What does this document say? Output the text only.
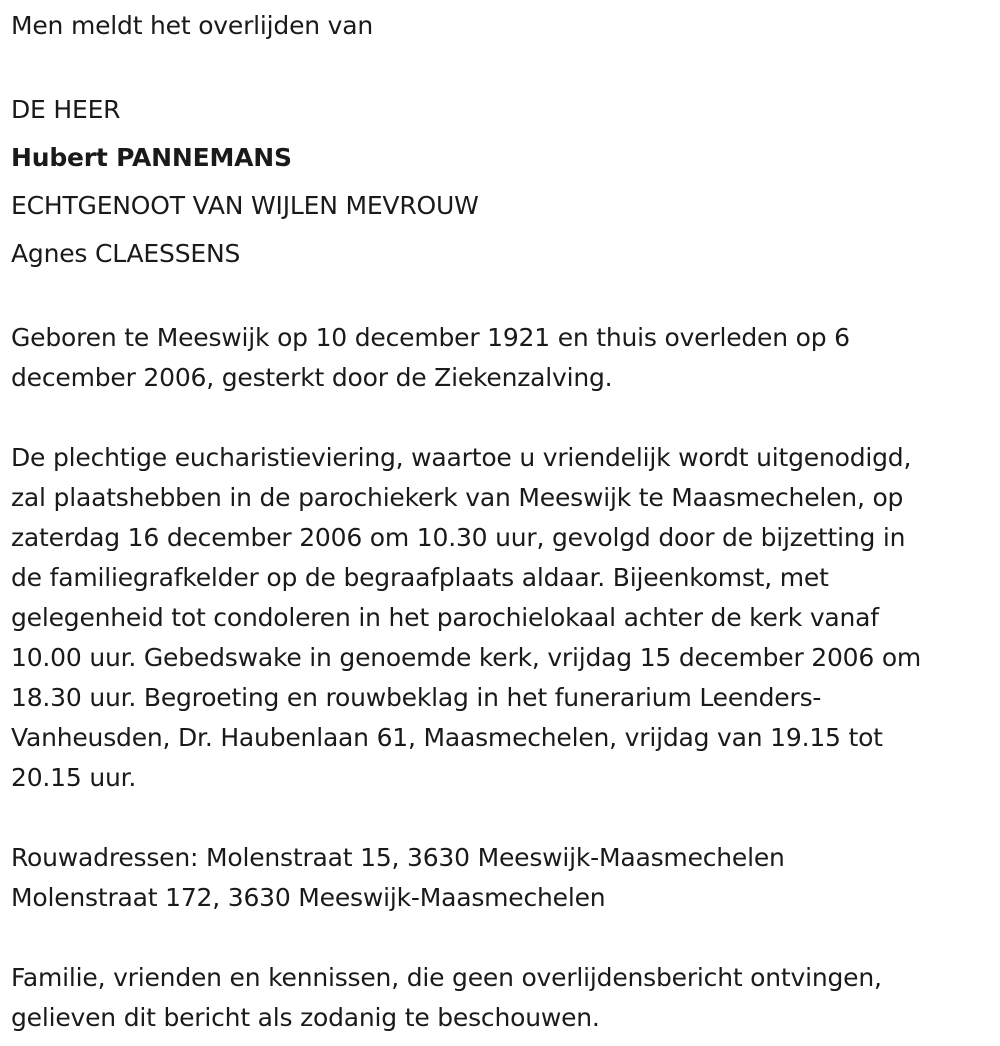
Men meldt het overlijden van
DE HEER
Hubert PANNEMANS
ECHTGENOOT VAN WIJLEN MEVROUW
Agnes CLAESSENS
Geboren te Meeswijk op 10 december 1921 en thuis overleden op 6
december 2006, gesterkt door de Ziekenzalving.
De plechtige eucharistieviering, waartoe u vriendelijk wordt uitgenodigd,
zal plaatshebben in de parochiekerk van Meeswijk te Maasmechelen, op
zaterdag 16 december 2006 om 10.30 uur, gevolgd door de bijzetting in
de familiegrafkelder op de begraafplaats aldaar. Bijeenkomst, met
gelegenheid tot condoleren in het parochielokaal achter de kerk vanaf
10.00 uur. Gebedswake in genoemde kerk, vrijdag 15 december 2006 om
18.30 uur. Begroeting en rouwbeklag in het funerarium Leenders-
Vanheusden, Dr. Haubenlaan 61, Maasmechelen, vrijdag van 19.15 tot
20.15 uur.
Rouwadressen: Molenstraat 15, 3630 Meeswijk-Maasmechelen
Molenstraat 172, 3630 Meeswijk-Maasmechelen
Familie, vrienden en kennissen, die geen overlijdensbericht ontvingen,
gelieven dit bericht als zodanig te beschouwen.
